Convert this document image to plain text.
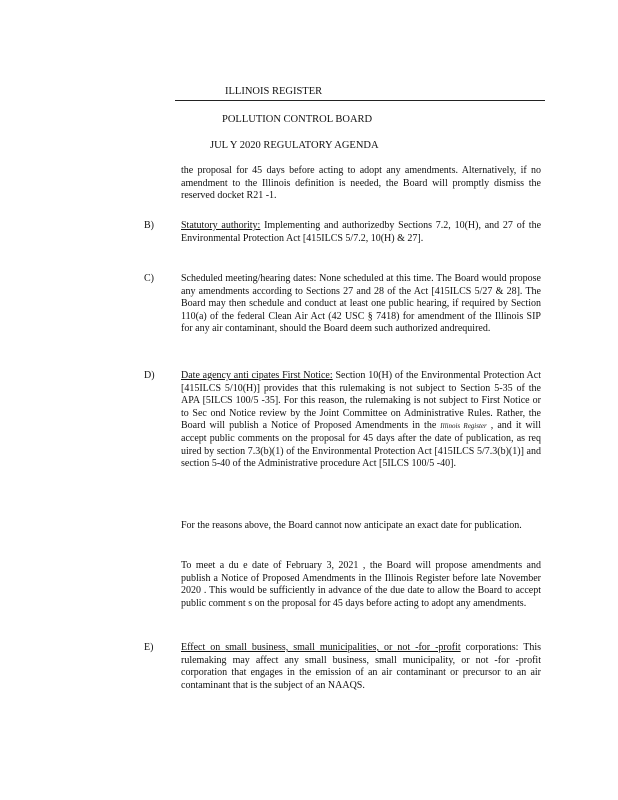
ILLINOIS REGISTER
POLLUTION CONTROL BOARD
JUL Y 2020 REGULATORY AGENDA
the proposal for 45 days before acting to adopt any amendments. Alternatively, if no amendment to the Illinois definition is needed, the Board will promptly dismiss the reserved docket R21 -1.
B)	Statutory authority: Implementing and authorizedby Sections 7.2, 10(H), and 27 of the Environmental Protection Act [415ILCS 5/7.2, 10(H) & 27].
C)	Scheduled meeting/hearing dates: None scheduled at this time. The Board would propose any amendments according to Sections 27 and 28 of the Act [415ILCS 5/27 & 28]. The Board may then schedule and conduct at least one public hearing, if required by Section 110(a) of the federal Clean Air Act (42 USC § 7418) for amendment of the Illinois SIP for any air contaminant, should the Board deem such authorized andrequired.
D)	Date agency anti cipates First Notice: Section 10(H) of the Environmental Protection Act [415ILCS 5/10(H)] provides that this rulemaking is not subject to Section 5-35 of the APA [5ILCS 100/5 -35]. For this reason, the rulemaking is not subject to First Notice or to Sec ond Notice review by the Joint Committee on Administrative Rules. Rather, the Board will publish a Notice of Proposed Amendments in the Illinois Register , and it will accept public comments on the proposal for 45 days after the date of publication, as req uired by section 7.3(b)(1) of the Environmental Protection Act [415ILCS 5/7.3(b)(1)] and section 5-40 of the Administrative procedure Act [5ILCS 100/5 -40].
For the reasons above, the Board cannot now anticipate an exact date for publication.
To meet a du e date of February 3, 2021 , the Board will propose amendments and publish a Notice of Proposed Amendments in the Illinois Register before late November 2020 . This would be sufficiently in advance of the due date to allow the Board to accept public comment s on the proposal for 45 days before acting to adopt any amendments.
E)	Effect on small business, small municipalities, or not -for -profit corporations: This rulemaking may affect any small business, small municipality, or not -for -profit corporation that engages in the emission of an air contaminant or precursor to an air contaminant that is the subject of an NAAQS.
